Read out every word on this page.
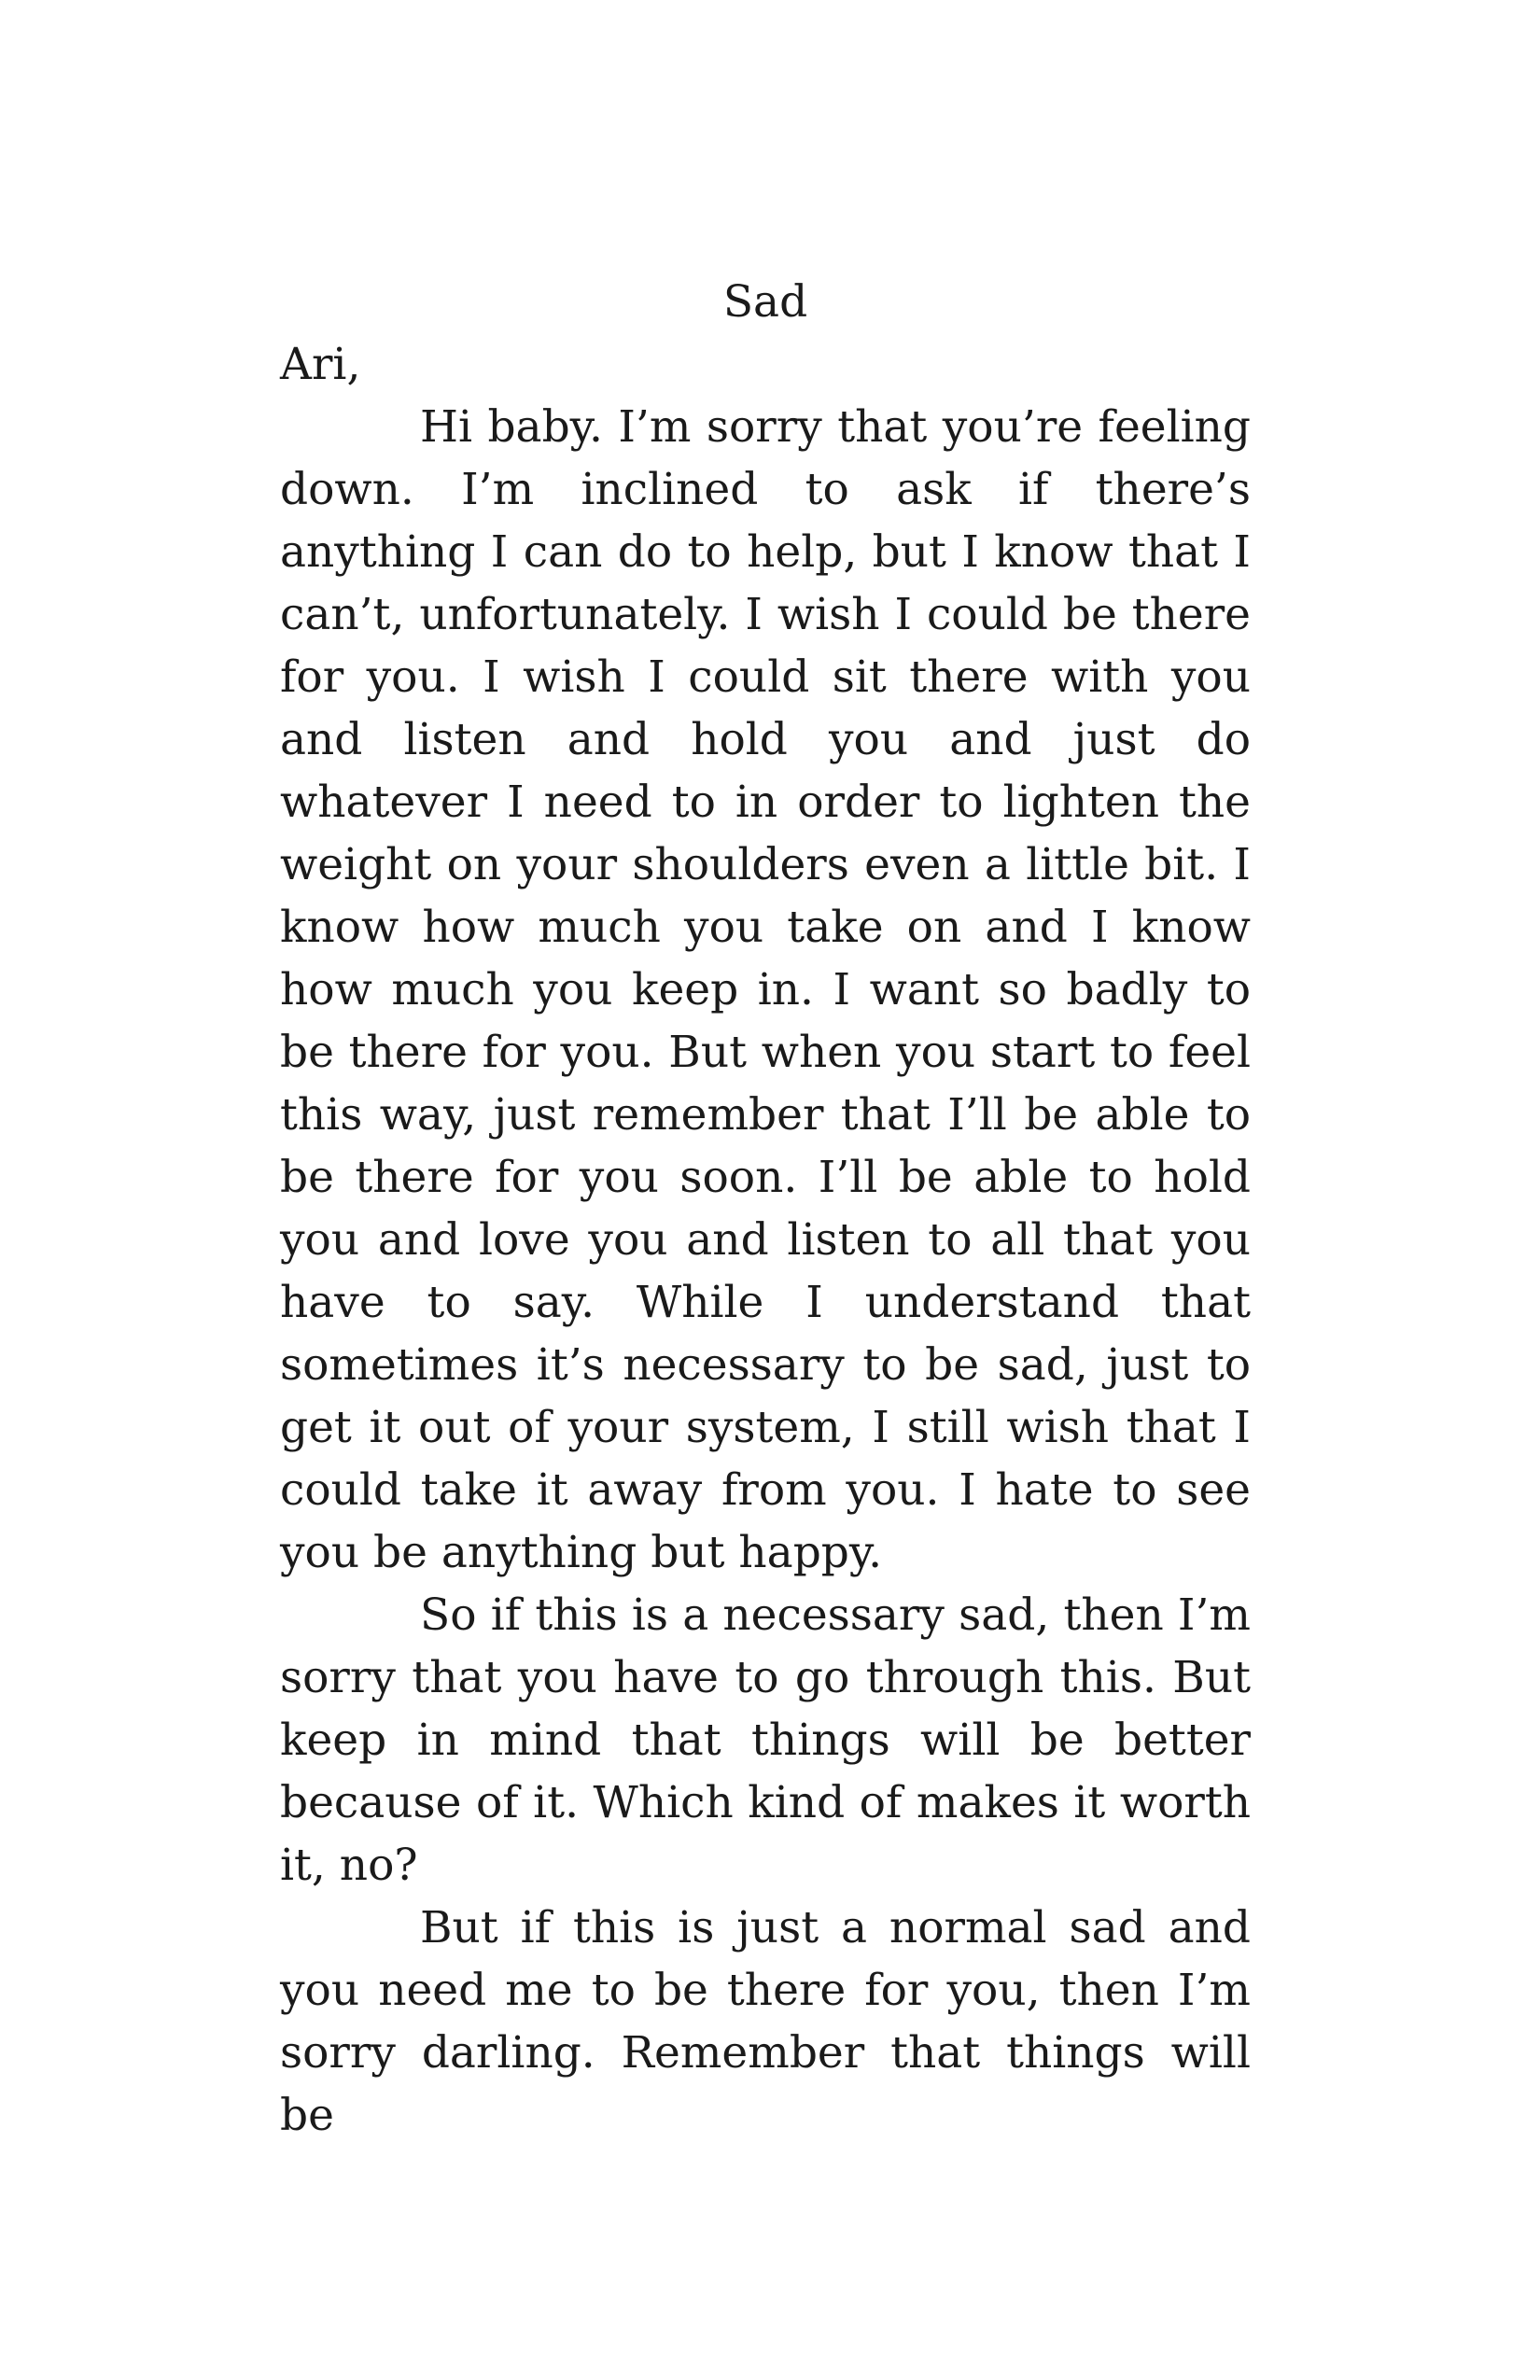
Sad

Ari,

Hi baby. I’m sorry that you’re feeling down. I’m inclined to ask if there’s anything I can do to help, but I know that I can’t, unfortunately. I wish I could be there for you. I wish I could sit there with you and listen and hold you and just do whatever I need to in order to lighten the weight on your shoulders even a little bit. I know how much you take on and I know how much you keep in. I want so badly to be there for you. But when you start to feel this way, just remember that I’ll be able to be there for you soon. I’ll be able to hold you and love you and listen to all that you have to say. While I understand that sometimes it’s necessary to be sad, just to get it out of your system, I still wish that I could take it away from you. I hate to see you be anything but happy.

So if this is a necessary sad, then I’m sorry that you have to go through this. But keep in mind that things will be better because of it. Which kind of makes it worth it, no?

But if this is just a normal sad and you need me to be there for you, then I’m sorry darling. Remember that things will be
